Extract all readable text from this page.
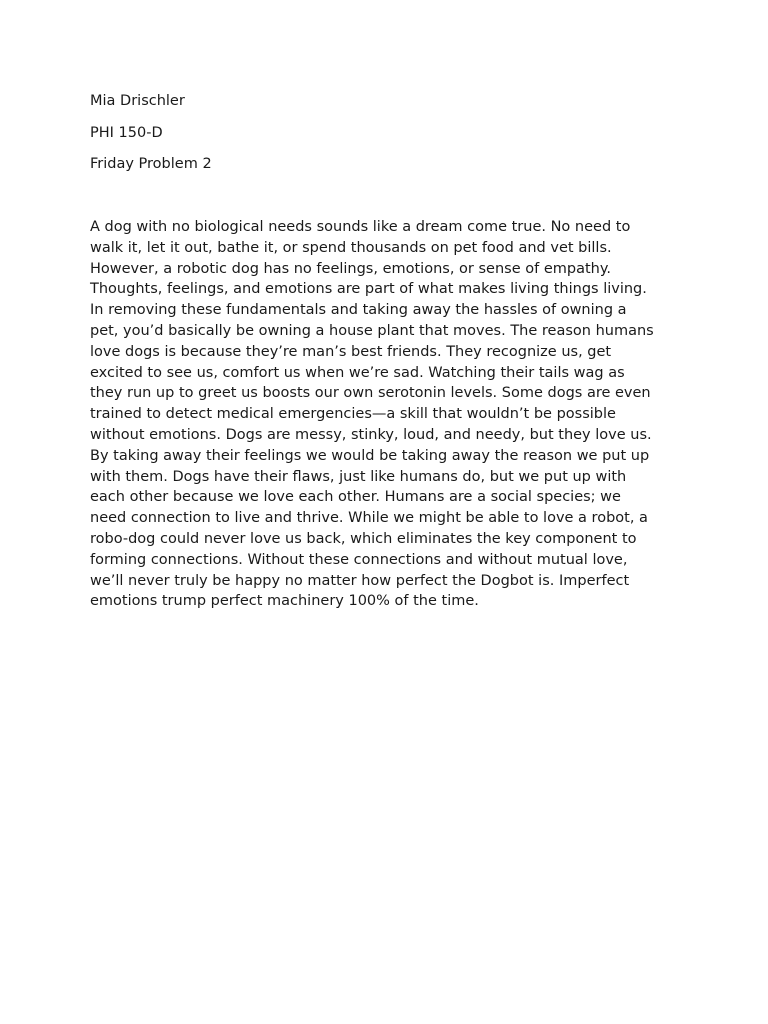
Mia Drischler
PHI 150-D
Friday Problem 2
A dog with no biological needs sounds like a dream come true. No need to
walk it, let it out, bathe it, or spend thousands on pet food and vet bills.
However, a robotic dog has no feelings, emotions, or sense of empathy.
Thoughts, feelings, and emotions are part of what makes living things living.
In removing these fundamentals and taking away the hassles of owning a
pet, you’d basically be owning a house plant that moves. The reason humans
love dogs is because they’re man’s best friends. They recognize us, get
excited to see us, comfort us when we’re sad. Watching their tails wag as
they run up to greet us boosts our own serotonin levels. Some dogs are even
trained to detect medical emergencies—a skill that wouldn’t be possible
without emotions. Dogs are messy, stinky, loud, and needy, but they love us.
By taking away their feelings we would be taking away the reason we put up
with them. Dogs have their flaws, just like humans do, but we put up with
each other because we love each other. Humans are a social species; we
need connection to live and thrive. While we might be able to love a robot, a
robo-dog could never love us back, which eliminates the key component to
forming connections. Without these connections and without mutual love,
we’ll never truly be happy no matter how perfect the Dogbot is. Imperfect
emotions trump perfect machinery 100% of the time.
